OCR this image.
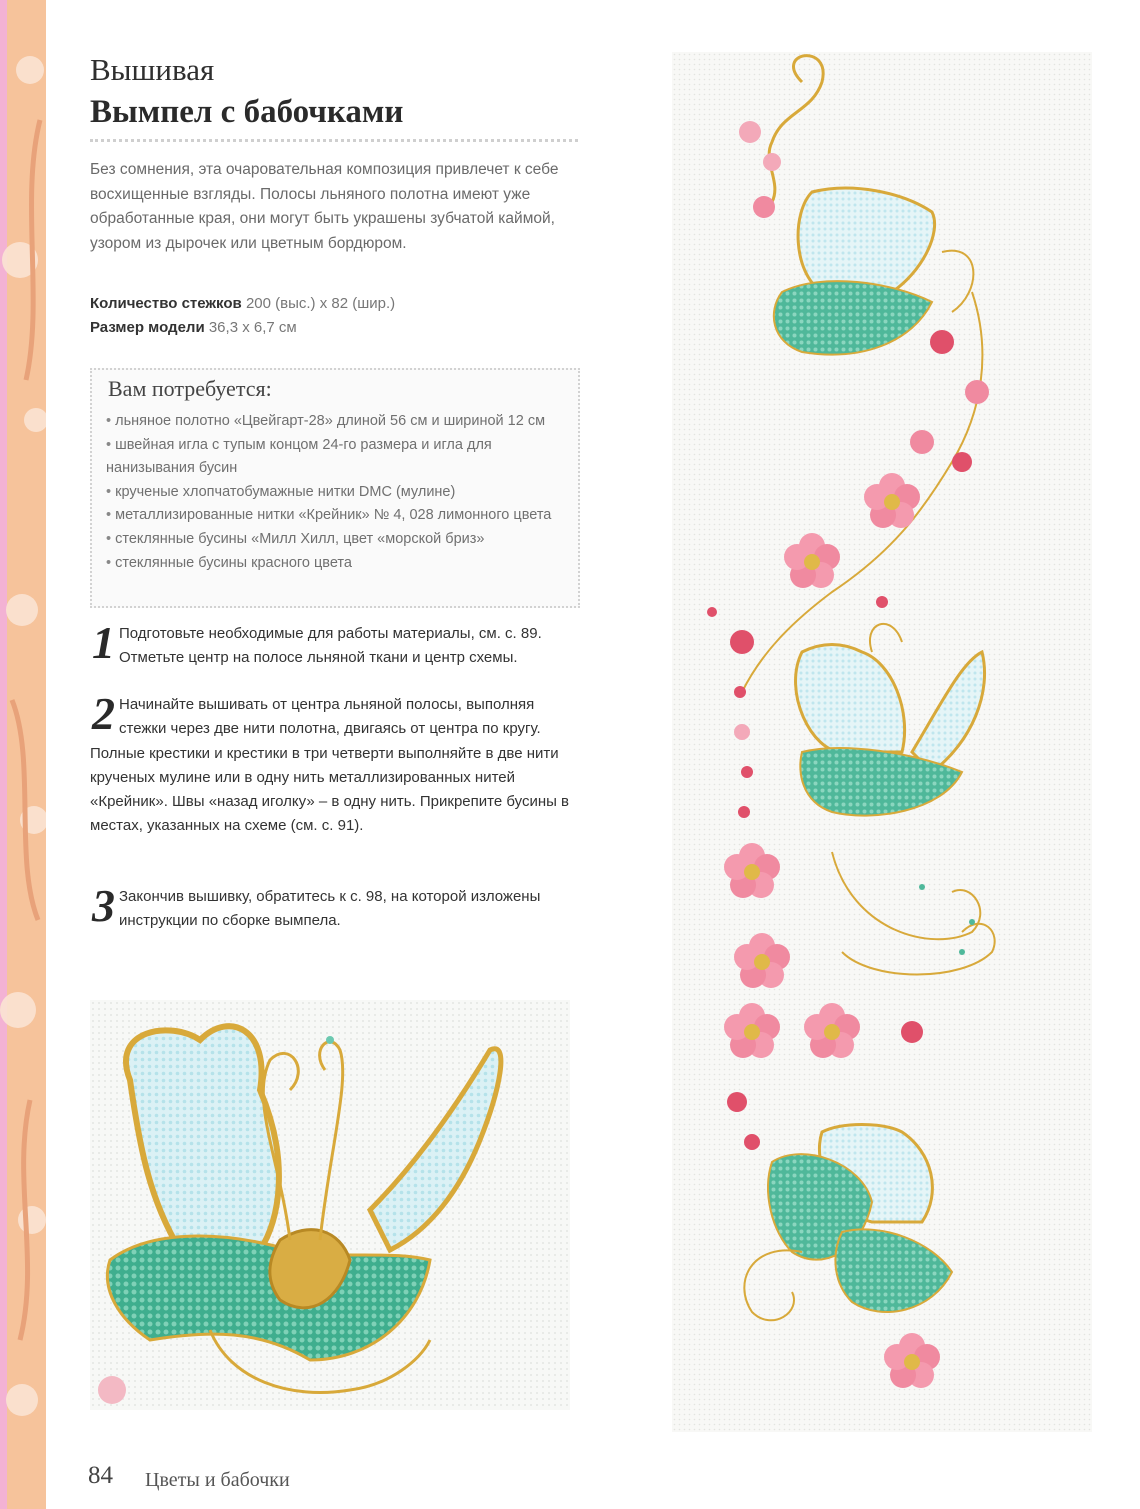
Вышивая
Вымпел с бабочками
Без сомнения, эта очаровательная композиция привлечет к себе восхищенные взгляды. Полосы льняного полотна имеют уже обработанные края, они могут быть украшены зубчатой каймой, узором из дырочек или цветным бордюром.
Количество стежков 200 (выс.) х 82 (шир.)
Размер модели 36,3 х 6,7 см
Вам потребуется:
• льняное полотно «Цвейгарт-28» длиной 56 см и шириной 12 см
• швейная игла с тупым концом 24-го размера и игла для нанизывания бусин
• крученые хлопчатобумажные нитки DMC (мулине)
• металлизированные нитки «Крейник» № 4, 028 лимонного цвета
• стеклянные бусины «Милл Хилл, цвет «морской бриз»
• стеклянные бусины красного цвета
1 Подготовьте необходимые для работы материалы, см. с. 89. Отметьте центр на полосе льняной ткани и центр схемы.
2 Начинайте вышивать от центра льняной полосы, выполняя стежки через две нити полотна, двигаясь от центра по кругу. Полные крестики и крестики в три четверти выполняйте в две нити крученых мулине или в одну нить металлизированных нитей «Крейник». Швы «назад иголку» – в одну нить. Прикрепите бусины в местах, указанных на схеме (см. с. 91).
3 Закончив вышивку, обратитесь к с. 98, на которой изложены инструкции по сборке вымпела.
84 Цветы и бабочки
